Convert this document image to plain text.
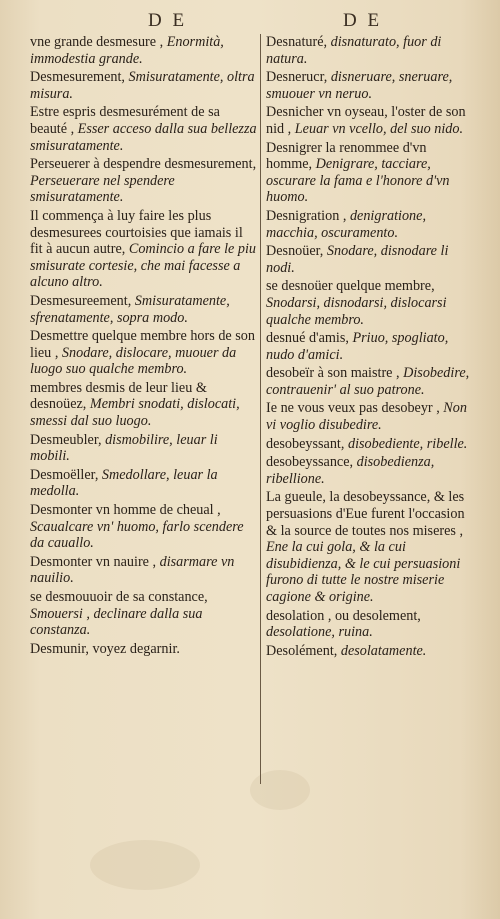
D E	D E
vne grande desmesure , Enormità, immodestia grande.
Desmesurement, Smisuratamente, oltra misura.
Estre espris desmesurément de sa beauté , Esser acceso dalla sua bellezza smisuratamente.
Perseuerer à despendre desmesurement, Perseuerare nel spendere smisuratamente.
Il commença à luy faire les plus desmesurees courtoisies que iamais il fit à aucun autre, Comincio a fare le piu smisurate cortesie, che mai facesse a alcuno altro.
Desmesureement, Smisuratamente, sfrenatamente, sopra modo.
Desmettre quelque membre hors de son lieu , Snodare, dislocare, muouer da luogo suo qualche membro.
membres desmis de leur lieu & desnoüez, Membri snodati, dislocati, smessi dal suo luogo.
Desmeubler, dismobilire, leuar li mobili.
Desmoëller, Smedollare, leuar la medolla.
Desmonter vn homme de cheual , Scaualcare vn' huomo, farlo scendere da cauallo.
Desmonter vn nauire , disarmare vn nauilio.
se desmouuoir de sa constance, Smouersi , declinare dalla sua constanza.
Desmunir, voyez degarnir.
Desnaturé, disnaturato, fuor di natura.
Desnerucr, disneruare, sneruare, smuouer vn neruo.
Desnicher vn oyseau, l'oster de son nid , Leuar vn vcello, del suo nido.
Desnigrer la renommee d'vn homme, Denigrare, tacciare, oscurare la fama e l'honore d'vn huomo.
Desnigration , denigratione, macchia, oscuramento.
Desnoüer, Snodare, disnodare li nodi.
se desnoüer quelque membre, Snodarsi, disnodarsi, dislocarsi qualche membro.
desnué d'amis, Priuo, spogliato, nudo d'amici.
desobeïr à son maistre , Disobedire, contrauenir' al suo patrone.
Ie ne vous veux pas desobeyr , Non vi voglio disubedire.
desobeyssant, disobediente, ribelle.
desobeyssance, disobedienza, ribellione.
La gueule, la desobeyssance, & les persuasions d'Eue furent l'occasion & la source de toutes nos miseres , Ene la cui gola, & la cui disubidienza, & le cui persuasioni furono di tutte le nostre miserie cagione & origine.
desolation , ou desolement, desolatione, ruina.
Desolément, desolatamente.
